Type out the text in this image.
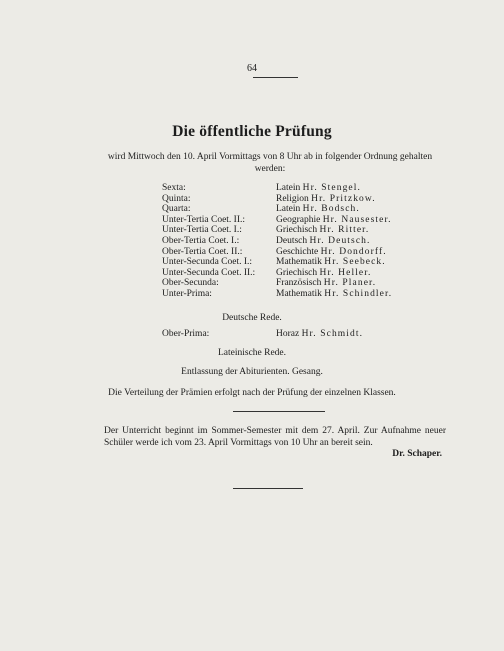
64
Die öffentliche Prüfung
wird Mittwoch den 10. April Vormittags von 8 Uhr ab in folgender Ordnung gehalten werden:
Sexta:	Latein Hr. Stengel.
Quinta:	Religion Hr. Pritzkow.
Quarta:	Latein Hr. Bodsch.
Unter-Tertia Coet. II.:	Geographie Hr. Nausester.
Unter-Tertia Coet. I.:	Griechisch Hr. Ritter.
Ober-Tertia Coet. I.:	Deutsch Hr. Deutsch.
Ober-Tertia Coet. II.:	Geschichte Hr. Dondorff.
Unter-Secunda Coet. I.:	Mathematik Hr. Seebeck.
Unter-Secunda Coet. II.: Griechisch Hr. Heller.
Ober-Secunda:	Französisch Hr. Planer.
Unter-Prima:	Mathematik Hr. Schindler.
Deutsche Rede.
Ober-Prima:	Horaz Hr. Schmidt.
Lateinische Rede.
Entlassung der Abiturienten. Gesang.
Die Verteilung der Prämien erfolgt nach der Prüfung der einzelnen Klassen.
Der Unterricht beginnt im Sommer-Semester mit dem 27. April. Zur Aufnahme neuer Schüler werde ich vom 23. April Vormittags von 10 Uhr an bereit sein.
Dr. Schaper.
